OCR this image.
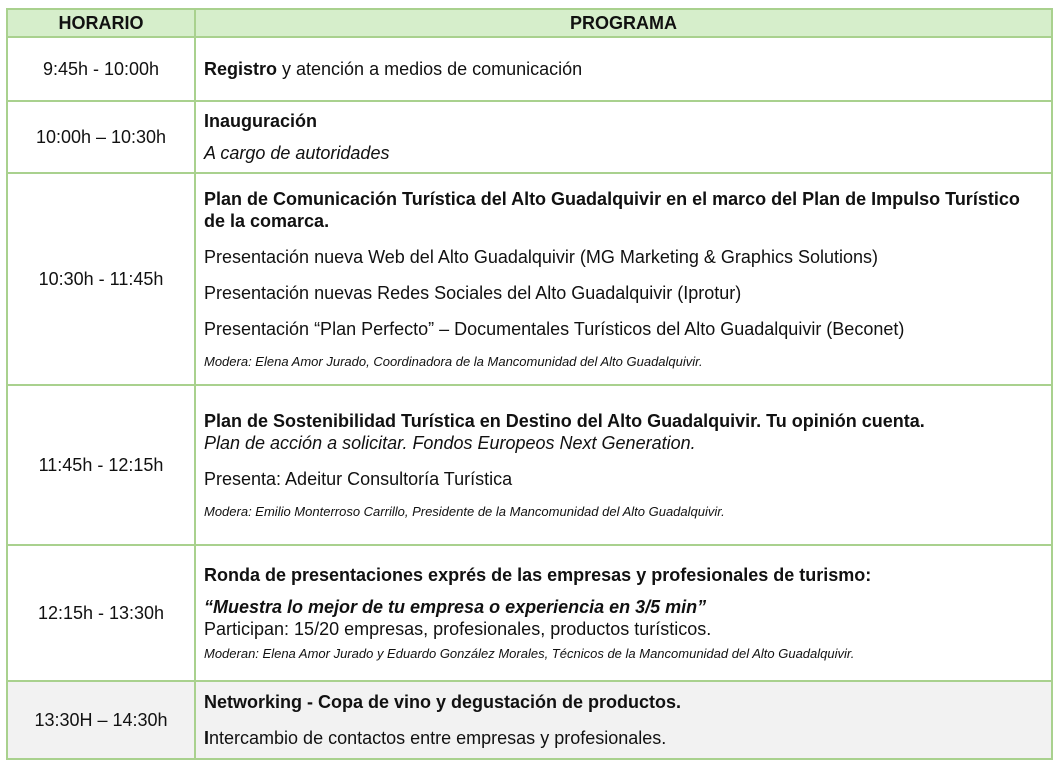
HORARIO	PROGRAMA
9:45h - 10:00h	Registro y atención a medios de comunicación
10:00h – 10:30h	Inauguración
A cargo de autoridades

10:30h - 11:45h	Plan de Comunicación Turística del Alto Guadalquivir en el marco del Plan de Impulso Turístico de la comarca.
Presentación nueva Web del Alto Guadalquivir (MG Marketing & Graphics Solutions)
Presentación nuevas Redes Sociales del Alto Guadalquivir (Iprotur)
Presentación “Plan Perfecto” – Documentales Turísticos del Alto Guadalquivir (Beconet)
Modera: Elena Amor Jurado, Coordinadora de la Mancomunidad del Alto Guadalquivir.

11:45h - 12:15h	Plan de Sostenibilidad Turística en Destino del Alto Guadalquivir. Tu opinión cuenta.
Plan de acción a solicitar. Fondos Europeos Next Generation.
Presenta: Adeitur Consultoría Turística
Modera: Emilio Monterroso Carrillo, Presidente de la Mancomunidad del Alto Guadalquivir.

12:15h - 13:30h	Ronda de presentaciones exprés de las empresas y profesionales de turismo:
“Muestra lo mejor de tu empresa o experiencia en 3/5 min”
Participan: 15/20 empresas, profesionales, productos turísticos.
Moderan: Elena Amor Jurado y Eduardo González Morales, Técnicos de la Mancomunidad del Alto Guadalquivir.

13:30H – 14:30h	Networking - Copa de vino y degustación de productos.
Intercambio de contactos entre empresas y profesionales.
